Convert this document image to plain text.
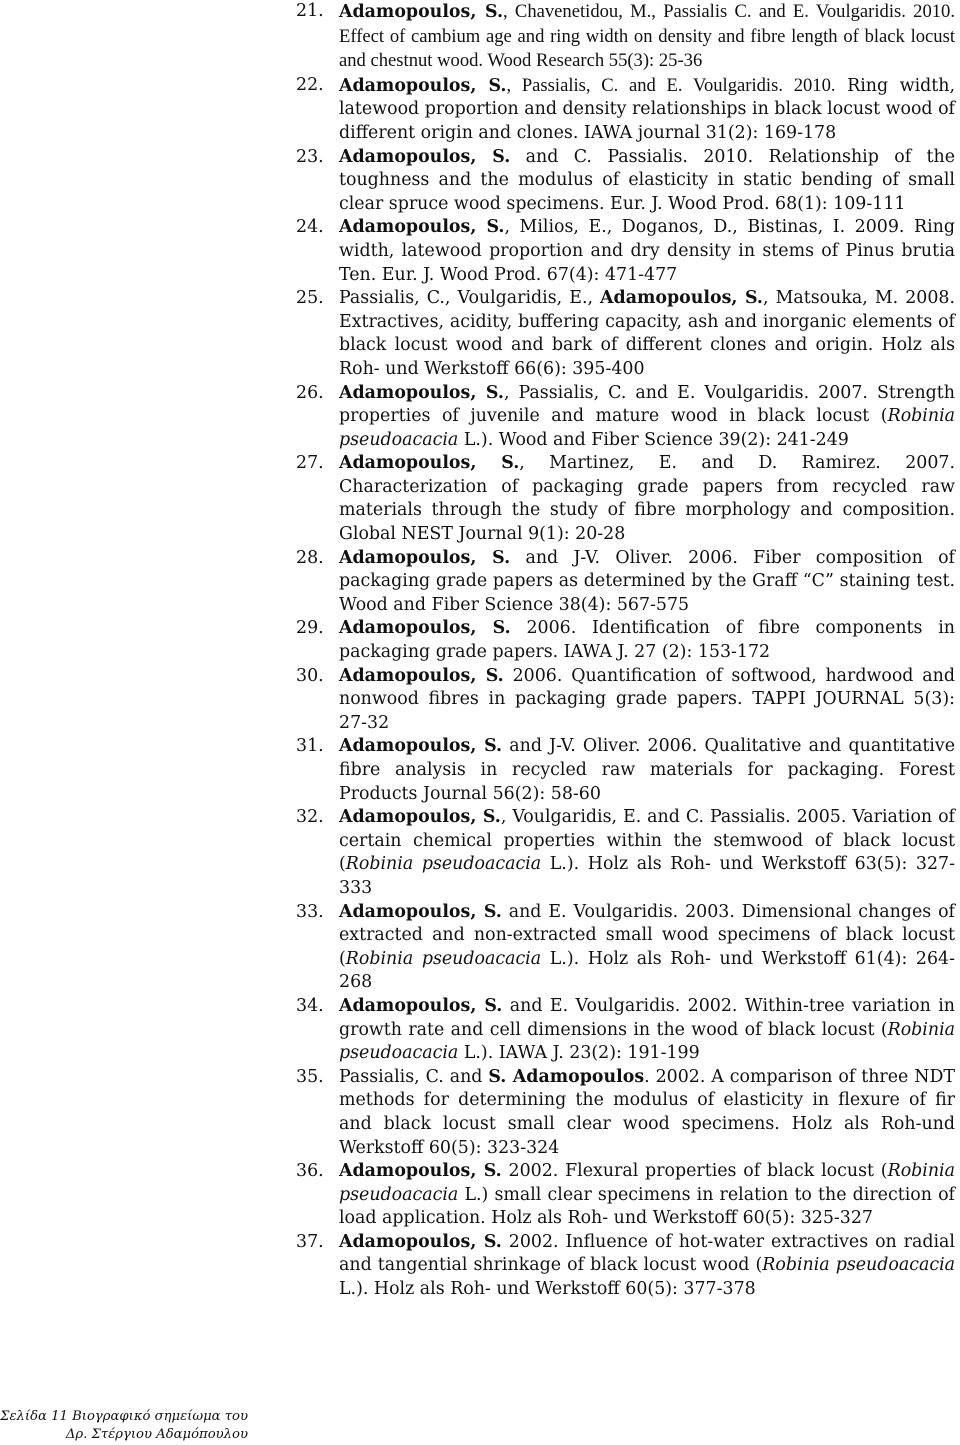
21. Adamopoulos, S., Chavenetidou, M., Passialis C. and E. Voulgaridis. 2010. Effect of cambium age and ring width on density and fibre length of black locust and chestnut wood. Wood Research 55(3): 25-36
22. Adamopoulos, S., Passialis, C. and E. Voulgaridis. 2010. Ring width, latewood proportion and density relationships in black locust wood of different origin and clones. IAWA journal 31(2): 169-178
23. Adamopoulos, S. and C. Passialis. 2010. Relationship of the toughness and the modulus of elasticity in static bending of small clear spruce wood specimens. Eur. J. Wood Prod. 68(1): 109-111
24. Adamopoulos, S., Milios, E., Doganos, D., Bistinas, I. 2009. Ring width, latewood proportion and dry density in stems of Pinus brutia Ten. Eur. J. Wood Prod. 67(4): 471-477
25. Passialis, C., Voulgaridis, E., Adamopoulos, S., Matsouka, M. 2008. Extractives, acidity, buffering capacity, ash and inorganic elements of black locust wood and bark of different clones and origin. Holz als Roh- und Werkstoff 66(6): 395-400
26. Adamopoulos, S., Passialis, C. and E. Voulgaridis. 2007. Strength properties of juvenile and mature wood in black locust (Robinia pseudoacacia L.). Wood and Fiber Science 39(2): 241-249
27. Adamopoulos, S., Martinez, E. and D. Ramirez. 2007. Characterization of packaging grade papers from recycled raw materials through the study of fibre morphology and composition. Global NEST Journal 9(1): 20-28
28. Adamopoulos, S. and J-V. Oliver. 2006. Fiber composition of packaging grade papers as determined by the Graff “C” staining test. Wood and Fiber Science 38(4): 567-575
29. Adamopoulos, S. 2006. Identification of fibre components in packaging grade papers. IAWA J. 27 (2): 153-172
30. Adamopoulos, S. 2006. Quantification of softwood, hardwood and nonwood fibres in packaging grade papers. TAPPI JOURNAL 5(3): 27-32
31. Adamopoulos, S. and J-V. Oliver. 2006. Qualitative and quantitative fibre analysis in recycled raw materials for packaging. Forest Products Journal 56(2): 58-60
32. Adamopoulos, S., Voulgaridis, E. and C. Passialis. 2005. Variation of certain chemical properties within the stemwood of black locust (Robinia pseudoacacia L.). Holz als Roh- und Werkstoff 63(5): 327-333
33. Adamopoulos, S. and E. Voulgaridis. 2003. Dimensional changes of extracted and non-extracted small wood specimens of black locust (Robinia pseudoacacia L.). Holz als Roh- und Werkstoff 61(4): 264-268
34. Adamopoulos, S. and E. Voulgaridis. 2002. Within-tree variation in growth rate and cell dimensions in the wood of black locust (Robinia pseudoacacia L.). IAWA J. 23(2): 191-199
35. Passialis, C. and S. Adamopoulos. 2002. A comparison of three NDT methods for determining the modulus of elasticity in flexure of fir and black locust small clear wood specimens. Holz als Roh-und Werkstoff 60(5): 323-324
36. Adamopoulos, S. 2002. Flexural properties of black locust (Robinia pseudoacacia L.) small clear specimens in relation to the direction of load application. Holz als Roh- und Werkstoff 60(5): 325-327
37. Adamopoulos, S. 2002. Influence of hot-water extractives on radial and tangential shrinkage of black locust wood (Robinia pseudoacacia L.). Holz als Roh- und Werkstoff 60(5): 377-378
Σελίδα 11 Βιογραφικό σημείωμα του
Δρ. Στέργιου Αδαμόπουλου
